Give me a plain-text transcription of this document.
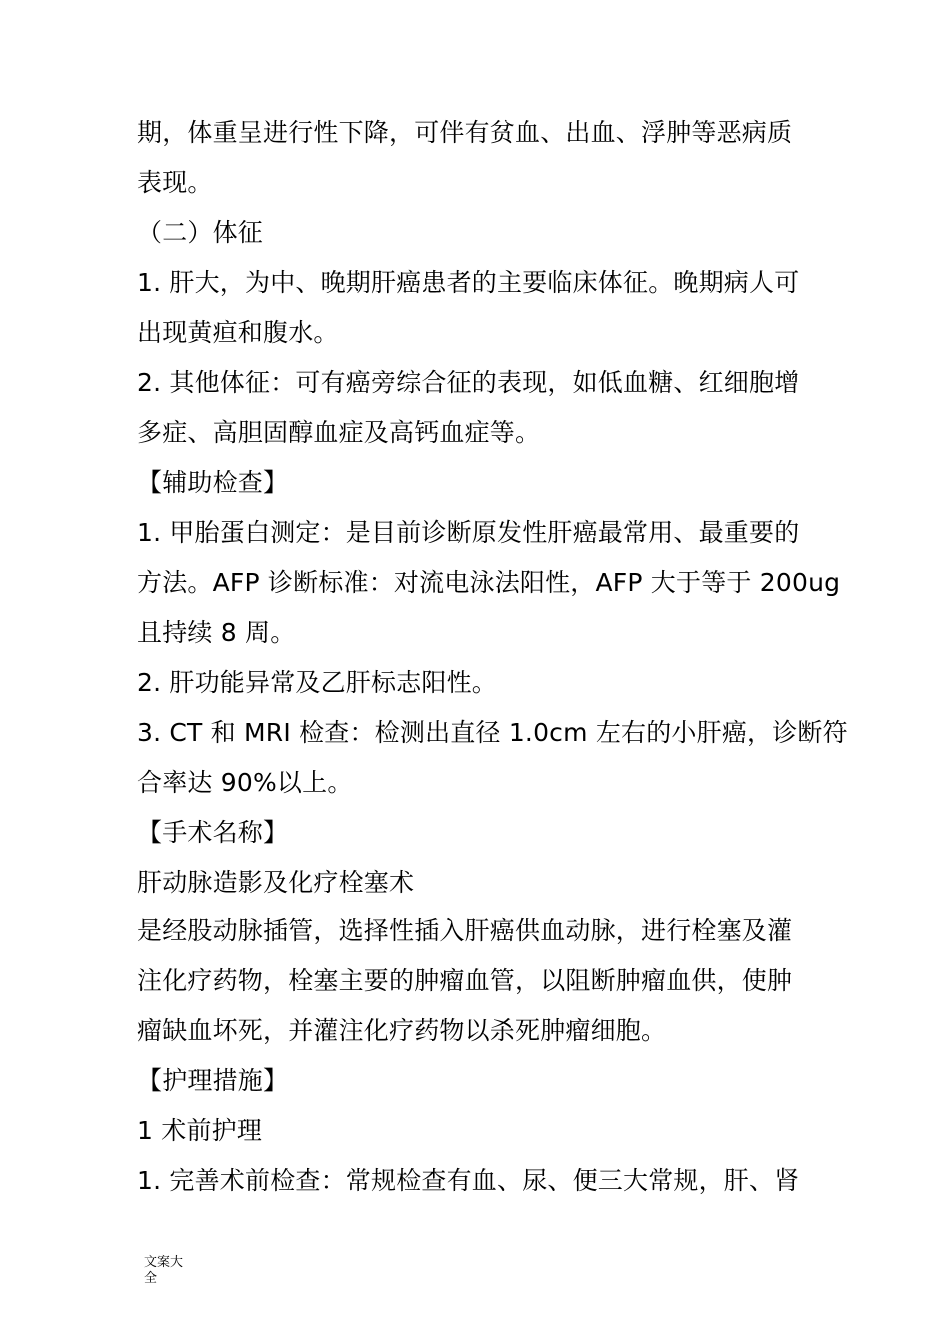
期，体重呈进行性下降，可伴有贫血、出血、浮肿等恶病质
表现。
（二）体征
1. 肝大，为中、晚期肝癌患者的主要临床体征。晚期病人可
出现黄疸和腹水。
2. 其他体征：可有癌旁综合征的表现，如低血糖、红细胞增
多症、高胆固醇血症及高钙血症等。
【辅助检查】
1. 甲胎蛋白测定：是目前诊断原发性肝癌最常用、最重要的
方法。AFP 诊断标准：对流电泳法阳性，AFP 大于等于 200ug
且持续 8 周。
2. 肝功能异常及乙肝标志阳性。
3. CT 和 MRI 检查：检测出直径 1.0cm 左右的小肝癌，诊断符
合率达 90%以上。
【手术名称】
肝动脉造影及化疗栓塞术
是经股动脉插管，选择性插入肝癌供血动脉，进行栓塞及灌
注化疗药物，栓塞主要的肿瘤血管，以阻断肿瘤血供，使肿
瘤缺血坏死，并灌注化疗药物以杀死肿瘤细胞。
【护理措施】
1 术前护理
1. 完善术前检查：常规检查有血、尿、便三大常规，肝、肾
文案大
全
